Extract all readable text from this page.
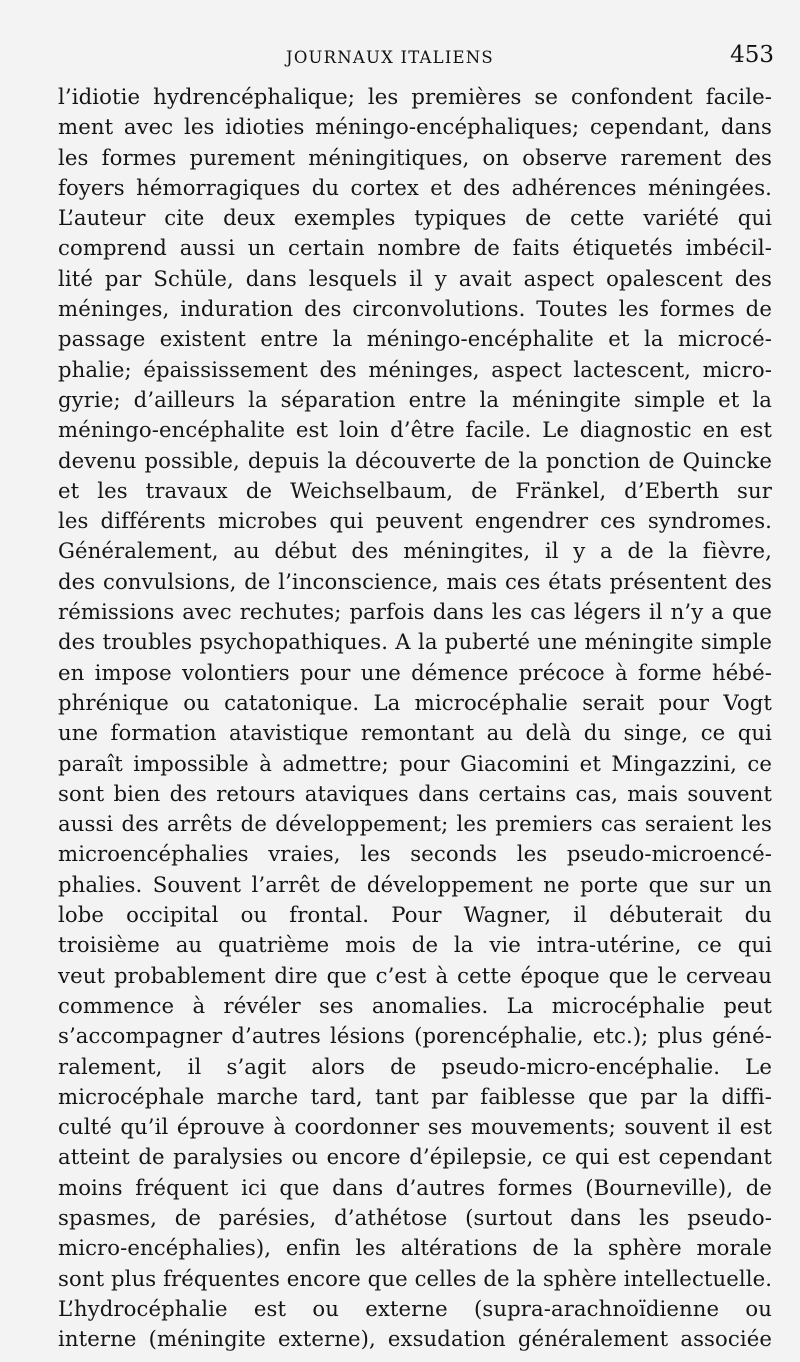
JOURNAUX ITALIENS	453
l’idiotie hydrencéphalique; les premières se confondent facile-
ment avec les idioties méningo-encéphaliques; cependant, dans
les formes purement méningitiques, on observe rarement des
foyers hémorragiques du cortex et des adhérences méningées.
L’auteur cite deux exemples typiques de cette variété qui
comprend aussi un certain nombre de faits étiquetés imbécil-
lité par Schüle, dans lesquels il y avait aspect opalescent des
méninges, induration des circonvolutions. Toutes les formes de
passage existent entre la méningo-encéphalite et la microcé-
phalie; épaississement des méninges, aspect lactescent, micro-
gyrie; d’ailleurs la séparation entre la méningite simple et la
méningo-encéphalite est loin d’être facile. Le diagnostic en est
devenu possible, depuis la découverte de la ponction de Quincke
et les travaux de Weichselbaum, de Fränkel, d’Eberth sur
les différents microbes qui peuvent engendrer ces syndromes.
Généralement, au début des méningites, il y a de la fièvre,
des convulsions, de l’inconscience, mais ces états présentent des
rémissions avec rechutes; parfois dans les cas légers il n’y a que
des troubles psychopathiques. A la puberté une méningite simple
en impose volontiers pour une démence précoce à forme hébé-
phrénique ou catatonique. La microcéphalie serait pour Vogt
une formation atavistique remontant au delà du singe, ce qui
paraît impossible à admettre; pour Giacomini et Mingazzini, ce
sont bien des retours ataviques dans certains cas, mais souvent
aussi des arrêts de développement; les premiers cas seraient les
microencéphalies vraies, les seconds les pseudo-microencé-
phalies. Souvent l’arrêt de développement ne porte que sur un
lobe occipital ou frontal. Pour Wagner, il débuterait du
troisième au quatrième mois de la vie intra-utérine, ce qui
veut probablement dire que c’est à cette époque que le cerveau
commence à révéler ses anomalies. La microcéphalie peut
s’accompagner d’autres lésions (porencéphalie, etc.); plus géné-
ralement, il s’agit alors de pseudo-micro-encéphalie. Le
microcéphale marche tard, tant par faiblesse que par la diffi-
culté qu’il éprouve à coordonner ses mouvements; souvent il est
atteint de paralysies ou encore d’épilepsie, ce qui est cependant
moins fréquent ici que dans d’autres formes (Bourneville), de
spasmes, de parésies, d’athétose (surtout dans les pseudo-
micro-encéphalies), enfin les altérations de la sphère morale
sont plus fréquentes encore que celles de la sphère intellectuelle.
L’hydrocéphalie est ou externe (supra-arachnoïdienne ou
interne (méningite externe), exsudation généralement associée
